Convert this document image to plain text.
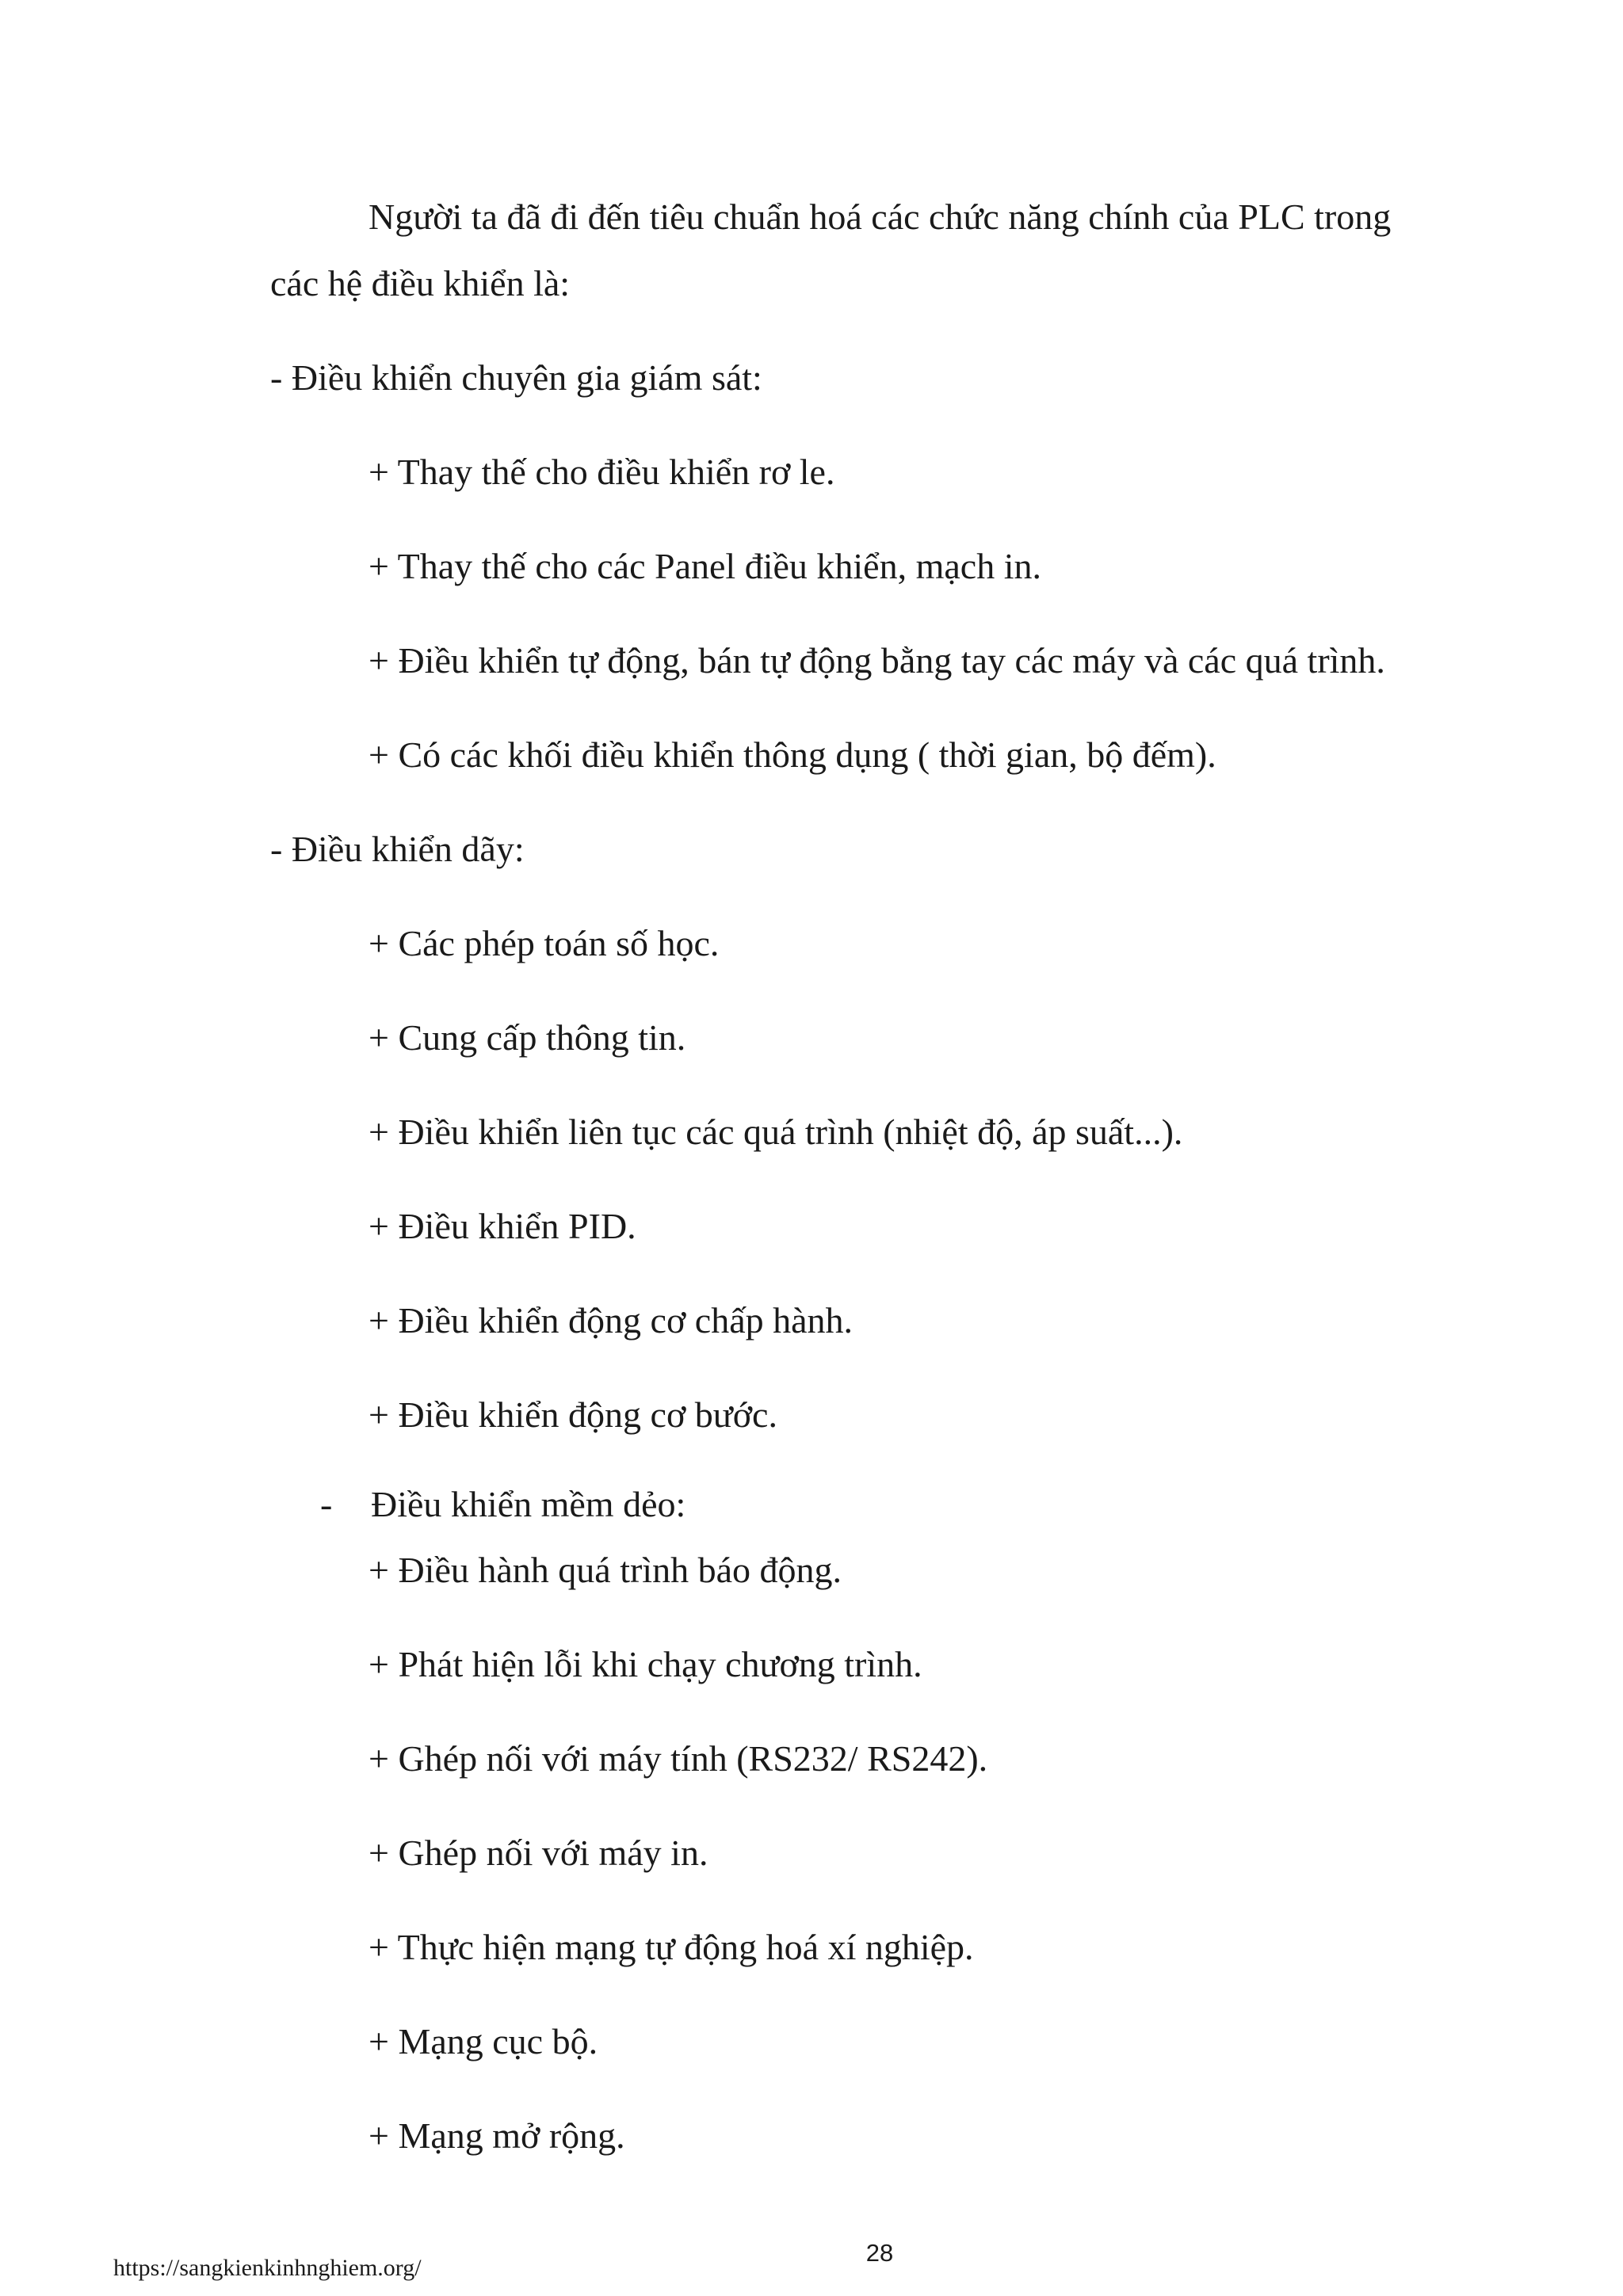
Người ta đã đi đến tiêu chuẩn hoá các chức năng chính của PLC trong
các hệ điều khiển là:
- Điều khiển chuyên gia giám sát:
+ Thay thế cho điều khiển rơ le.
+ Thay thế cho các Panel điều khiển, mạch in.
+ Điều khiển tự động, bán tự động bằng tay các máy và các quá trình.
+ Có các khối điều khiển thông dụng ( thời gian, bộ đếm).
- Điều khiển dãy:
+ Các phép toán số học.
+ Cung cấp thông tin.
+ Điều khiển liên tục các quá trình (nhiệt độ, áp suất...).
+ Điều khiển PID.
+ Điều khiển động cơ chấp hành.
+ Điều khiển động cơ bước.
- Điều khiển mềm dẻo:
+ Điều hành quá trình báo động.
+ Phát hiện lỗi khi chạy chương trình.
+ Ghép nối với máy tính (RS232/ RS242).
+ Ghép nối với máy in.
+ Thực hiện mạng tự động hoá xí nghiệp.
+ Mạng cục bộ.
+ Mạng mở rộng.
https://sangkienkinhnghiem.org/
28
